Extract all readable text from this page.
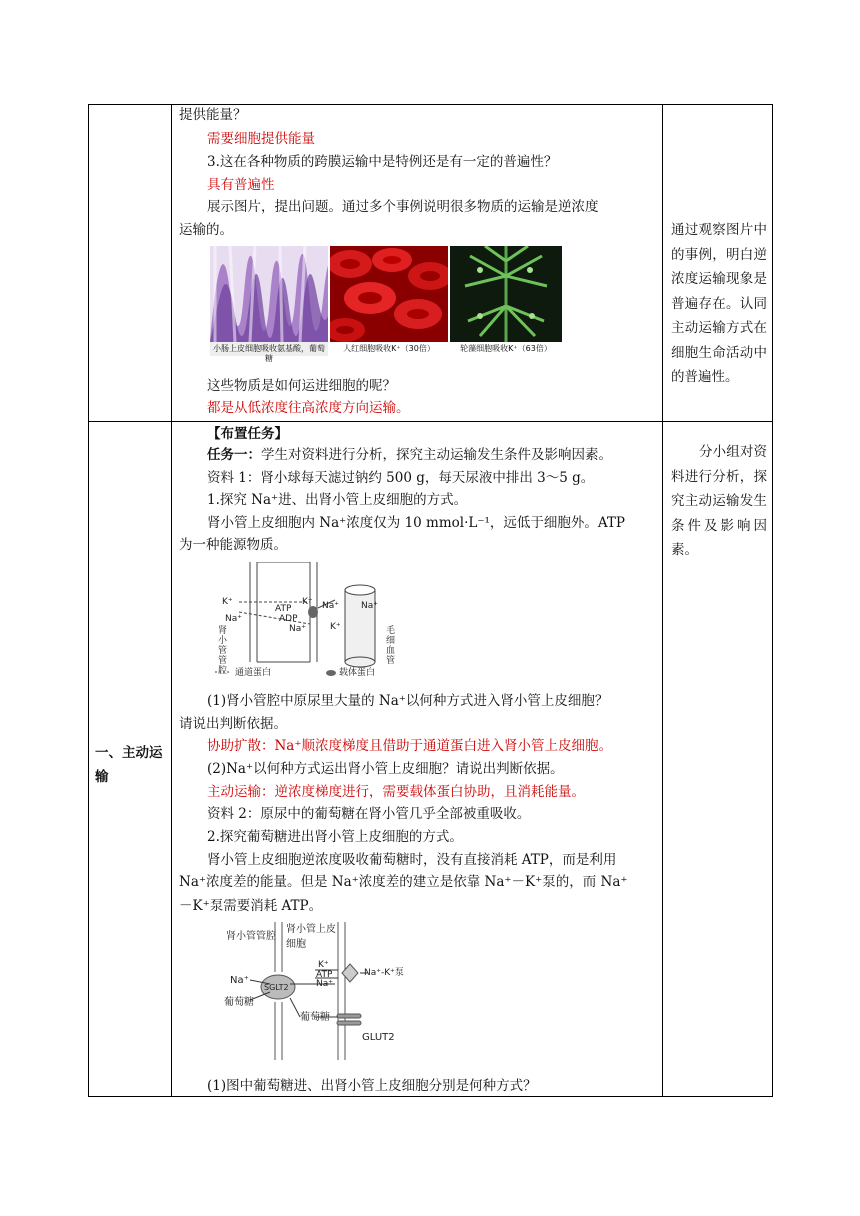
提供能量？
需要细胞提供能量
3.这在各种物质的跨膜运输中是特例还是有一定的普遍性？
具有普遍性
展示图片，提出问题。通过多个事例说明很多物质的运输是逆浓度
运输的。
小肠上皮细胞吸收氨基酸，葡萄糖
人红细胞吸收K⁺（30倍）	轮藻细胞吸收K⁺（63倍）
这些物质是如何运进细胞的呢？
都是从低浓度往高浓度方向运输。
通过观察图片中的事例，明白逆浓度运输现象是普遍存在。认同主动运输方式在细胞生命活动中的普遍性。
一、主动运输
【布置任务】
任务一：学生对资料进行分析，探究主动运输发生条件及影响因素。
资料 1：肾小球每天滤过钠约 500 g，每天尿液中排出 3～5 g。
1.探究 Na⁺进、出肾小管上皮细胞的方式。
肾小管上皮细胞内 Na⁺浓度仅为 10 mmol·L⁻¹，远低于细胞外。ATP
为一种能源物质。
K⁺
Na⁺
ATP
ADP
Na⁺
K⁺ Na⁺ Na⁺
K⁺
肾小管管腔
毛细血管
通道蛋白	载体蛋白
(1)肾小管腔中原尿里大量的 Na⁺以何种方式进入肾小管上皮细胞？
请说出判断依据。
协助扩散：Na⁺顺浓度梯度且借助于通道蛋白进入肾小管上皮细胞。
(2)Na⁺以何种方式运出肾小管上皮细胞？请说出判断依据。
主动运输：逆浓度梯度进行，需要载体蛋白协助，且消耗能量。
资料 2：原尿中的葡萄糖在肾小管几乎全部被重吸收。
2.探究葡萄糖进出肾小管上皮细胞的方式。
肾小管上皮细胞逆浓度吸收葡萄糖时，没有直接消耗 ATP，而是利用
Na⁺浓度差的能量。但是 Na⁺浓度差的建立是依靠 Na⁺－K⁺泵的，而 Na⁺
－K⁺泵需要消耗 ATP。
肾小管管腔
肾小管上皮
细胞
K⁺
ATP
Na⁺
Na⁺-K⁺泵
Na⁺
SGLT2
葡萄糖
葡萄糖
GLUT2
(1)图中葡萄糖进、出肾小管上皮细胞分别是何种方式？
分小组对资料进行分析，探究主动运输发生条件及影响因素。
